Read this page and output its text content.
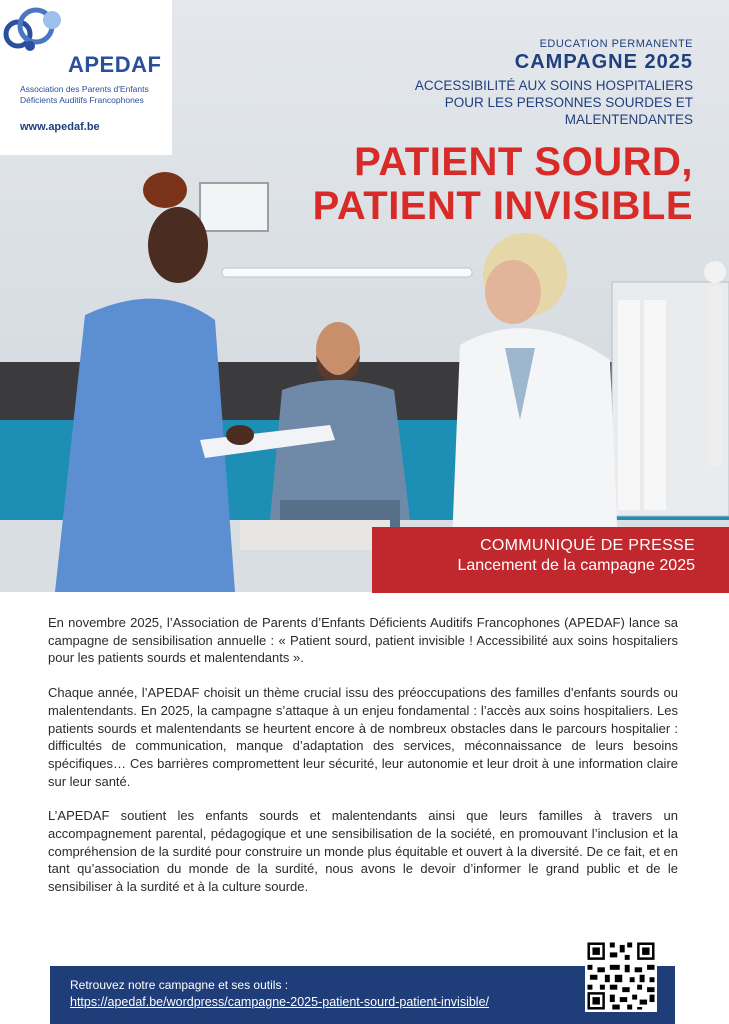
APEDAF
Association des Parents d'Enfants Déficients Auditifs Francophones
www.apedaf.be
EDUCATION PERMANENTE
CAMPAGNE 2025
ACCESSIBILITÉ AUX SOINS HOSPITALIERS POUR LES PERSONNES SOURDES ET MALENTENDANTES
PATIENT SOURD, PATIENT INVISIBLE
COMMUNIQUÉ DE PRESSE
Lancement de la campagne 2025

En novembre 2025, l’Association de Parents d’Enfants Déficients Auditifs Francophones (APEDAF) lance sa campagne de sensibilisation annuelle : « Patient sourd, patient invisible ! Accessibilité aux soins hospitaliers pour les patients sourds et malentendants ».

Chaque année, l’APEDAF choisit un thème crucial issu des préoccupations des familles d'enfants sourds ou malentendants. En 2025, la campagne s’attaque à un enjeu fondamental : l’accès aux soins hospitaliers. Les patients sourds et malentendants se heurtent encore à de nombreux obstacles dans le parcours hospitalier : difficultés de communication, manque d’adaptation des services, méconnaissance de leurs besoins spécifiques… Ces barrières compromettent leur sécurité, leur autonomie et leur droit à une information claire sur leur santé.

L’APEDAF soutient les enfants sourds et malentendants ainsi que leurs familles à travers un accompagnement parental, pédagogique et une sensibilisation de la société, en promouvant l’inclusion et la compréhension de la surdité pour construire un monde plus équitable et ouvert à la diversité. De ce fait, et en tant qu’association du monde de la surdité, nous avons le devoir d’informer le grand public et de le sensibiliser à la surdité et à la culture sourde.

Retrouvez notre campagne et ses outils :
https://apedaf.be/wordpress/campagne-2025-patient-sourd-patient-invisible/
